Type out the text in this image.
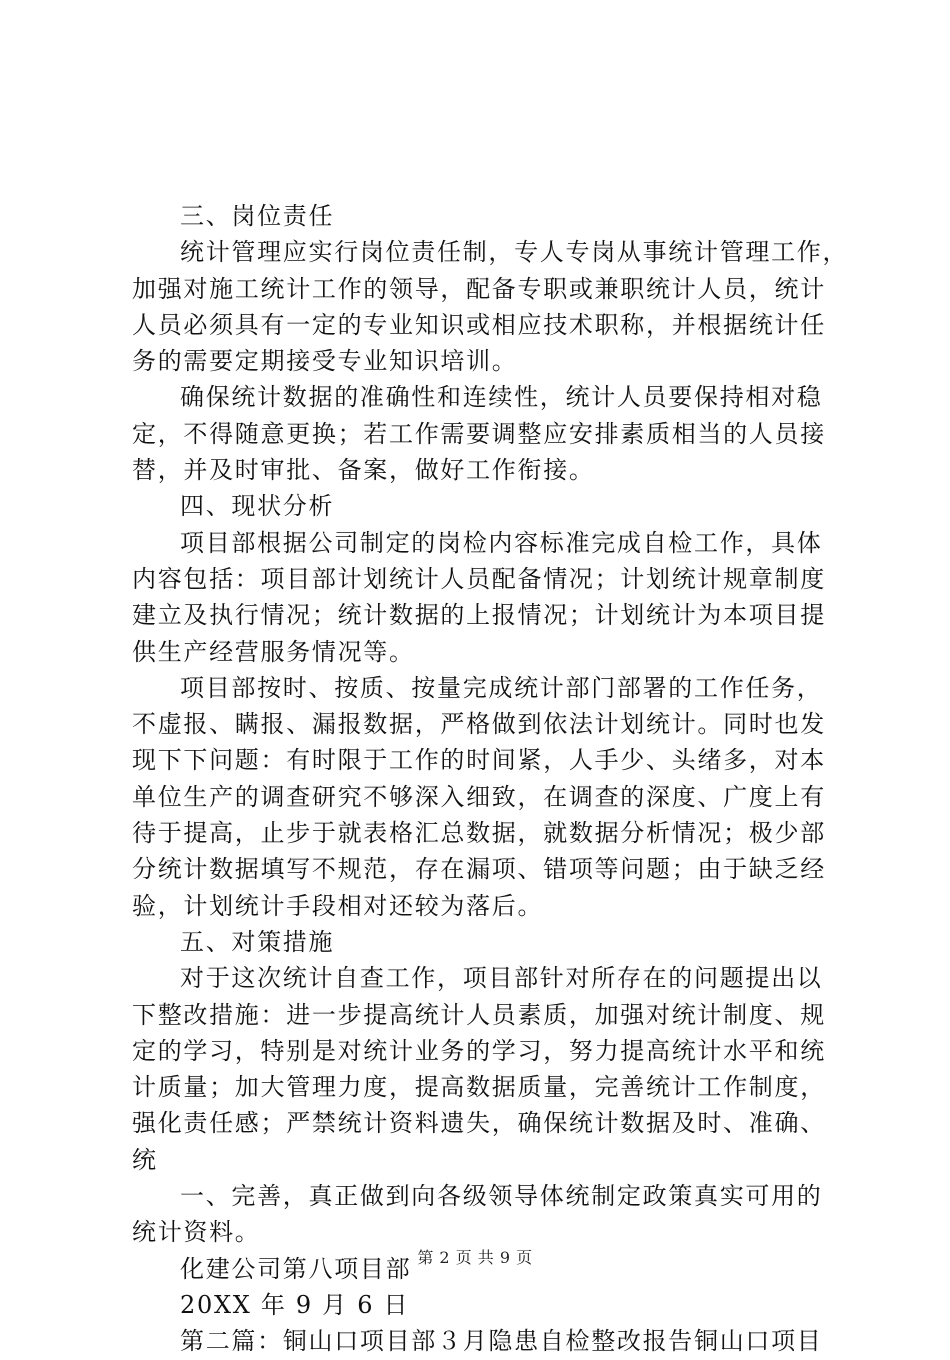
三、岗位责任
统计管理应实行岗位责任制，专人专岗从事统计管理工作，
加强对施工统计工作的领导，配备专职或兼职统计人员，统计
人员必须具有一定的专业知识或相应技术职称，并根据统计任
务的需要定期接受专业知识培训。
确保统计数据的准确性和连续性，统计人员要保持相对稳
定，不得随意更换；若工作需要调整应安排素质相当的人员接
替，并及时审批、备案，做好工作衔接。
四、现状分析
项目部根据公司制定的岗检内容标准完成自检工作，具体
内容包括：项目部计划统计人员配备情况；计划统计规章制度
建立及执行情况；统计数据的上报情况；计划统计为本项目提
供生产经营服务情况等。
项目部按时、按质、按量完成统计部门部署的工作任务，
不虚报、瞒报、漏报数据，严格做到依法计划统计。同时也发
现下下问题：有时限于工作的时间紧，人手少、头绪多，对本
单位生产的调查研究不够深入细致，在调查的深度、广度上有
待于提高，止步于就表格汇总数据，就数据分析情况；极少部
分统计数据填写不规范，存在漏项、错项等问题；由于缺乏经
验，计划统计手段相对还较为落后。
五、对策措施
对于这次统计自查工作，项目部针对所存在的问题提出以
下整改措施：进一步提高统计人员素质，加强对统计制度、规
定的学习，特别是对统计业务的学习，努力提高统计水平和统
计质量；加大管理力度，提高数据质量，完善统计工作制度，
强化责任感；严禁统计资料遗失，确保统计数据及时、准确、
统
一、完善，真正做到向各级领导体统制定政策真实可用的
统计资料。
化建公司第八项目部
20XX 年 9 月 6 日
第二篇：铜山口项目部３月隐患自检整改报告铜山口项目
第 2 页 共 9 页
